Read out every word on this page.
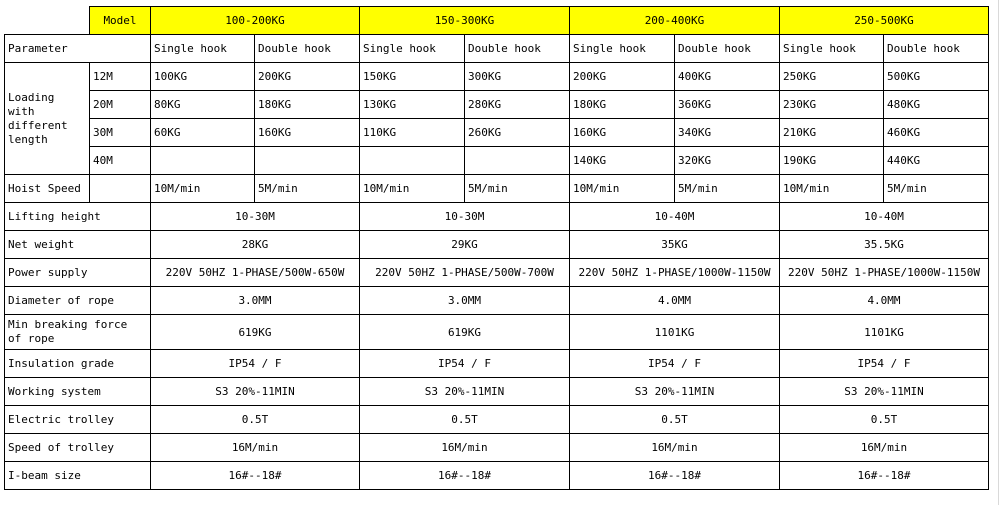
	Model	100-200KG		150-300KG		200-400KG		250-500KG	
Parameter		Single hook	Double hook	Single hook	Double hook	Single hook	Double hook	Single hook	Double hook
Loading with different length	12M	100KG	200KG	150KG	300KG	200KG	400KG	250KG	500KG
	20M	80KG	180KG	130KG	280KG	180KG	360KG	230KG	480KG
	30M	60KG	160KG	110KG	260KG	160KG	340KG	210KG	460KG
	40M					140KG	320KG	190KG	440KG
Hoist Speed		10M/min	5M/min	10M/min	5M/min	10M/min	5M/min	10M/min	5M/min
Lifting height		10-30M		10-30M		10-40M		10-40M	
Net weight		28KG		29KG		35KG		35.5KG	
Power supply		220V 50HZ 1-PHASE/500W-650W		220V 50HZ 1-PHASE/500W-700W		220V 50HZ 1-PHASE/1000W-1150W		220V 50HZ 1-PHASE/1000W-1150W	
Diameter of rope		3.0MM		3.0MM		4.0MM		4.0MM	
Min breaking force of rope		619KG		619KG		1101KG		1101KG	
Insulation grade		IP54 / F		IP54 / F		IP54 / F		IP54 / F	
Working system		S3 20%-11MIN		S3 20%-11MIN		S3 20%-11MIN		S3 20%-11MIN	
Electric trolley		0.5T		0.5T		0.5T		0.5T	
Speed of trolley		16M/min		16M/min		16M/min		16M/min	
I-beam size		16#--18#		16#--18#		16#--18#		16#--18#	
